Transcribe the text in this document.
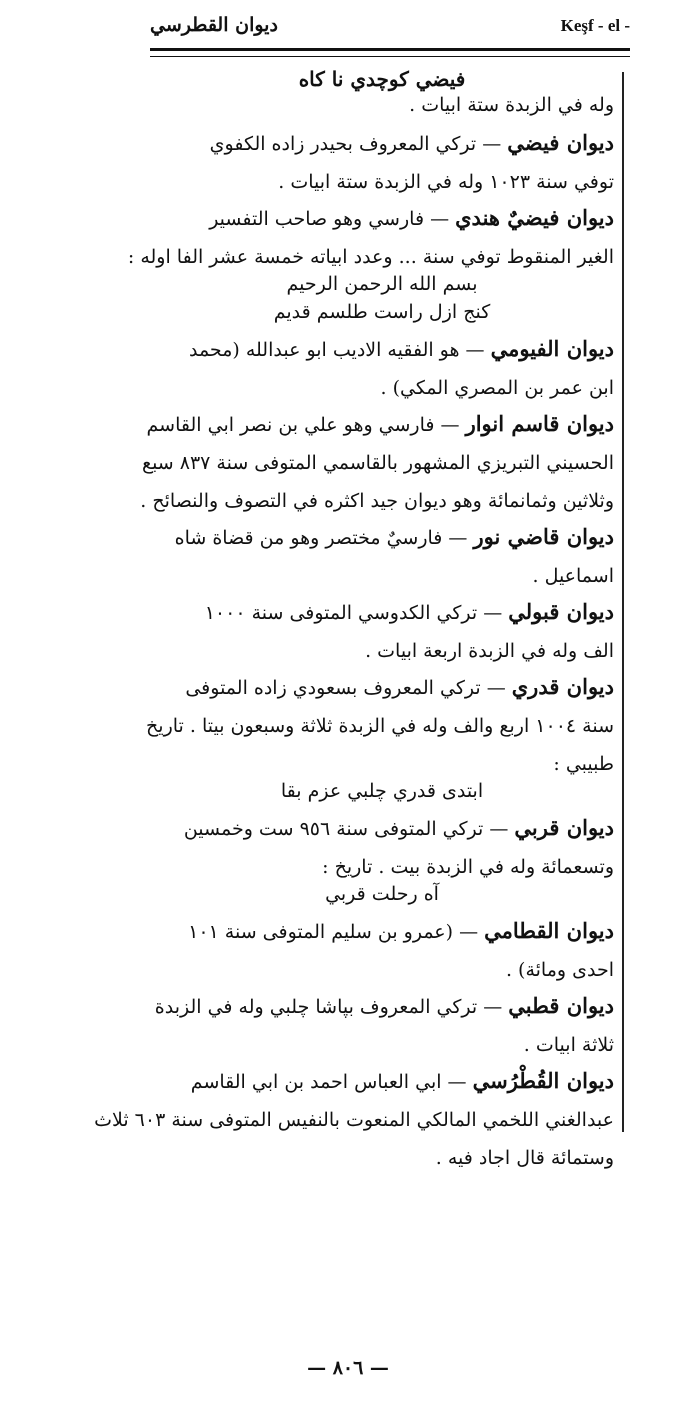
ديوان القطرسي	Keşf - el -
فيضي كوچدي نا كاه
وله في الزبدة ستة ابيات .
ديوان فيضي — تركي المعروف بحيدر زاده الكفوي
توفي سنة ١٠٢٣ وله في الزبدة ستة ابيات .
ديوان فيضيٌ هندي — فارسي وهو صاحب التفسير
الغير المنقوط توفي سنة ... وعدد ابياته خمسة عشر الفا اوله :
بسم الله الرحمن الرحيم
كنج ازل راست طلسم قديم
ديوان الفيومي — هو الفقيه الاديب ابو عبدالله (محمد
ابن عمر بن المصري المكي) .
ديوان قاسم انوار — فارسي وهو علي بن نصر ابي القاسم
الحسيني التبريزي المشهور بالقاسمي المتوفى سنة ٨٣٧ سبع
وثلاثين وثمانمائة وهو ديوان جيد اكثره في التصوف والنصائح .
ديوان قاضي نور — فارسيٌ مختصر وهو من قضاة شاه
اسماعيل .
ديوان قبولي — تركي الكدوسي المتوفى سنة ١٠٠٠
الف وله في الزبدة اربعة ابيات .
ديوان قدري — تركي المعروف بسعودي زاده المتوفى
سنة ١٠٠٤ اربع والف وله في الزبدة ثلاثة وسبعون بيتا . تاريخ
طبيبي :
ابتدى قدري چلبي عزم بقا
ديوان قربي — تركي المتوفى سنة ٩٥٦ ست وخمسين
وتسعمائة وله في الزبدة بيت . تاريخ :
آه رحلت قربي
ديوان القطامي — (عمرو بن سليم المتوفى سنة ١٠١
احدى ومائة) .
ديوان قطبي — تركي المعروف بپاشا چلبي وله في الزبدة
ثلاثة ابيات .
ديوان القُطْرُسي — ابي العباس احمد بن ابي القاسم
عبدالغني اللخمي المالكي المنعوت بالنفيس المتوفى سنة ٦٠٣ ثلاث
وستمائة قال اجاد فيه .
— ٨٠٦ —
